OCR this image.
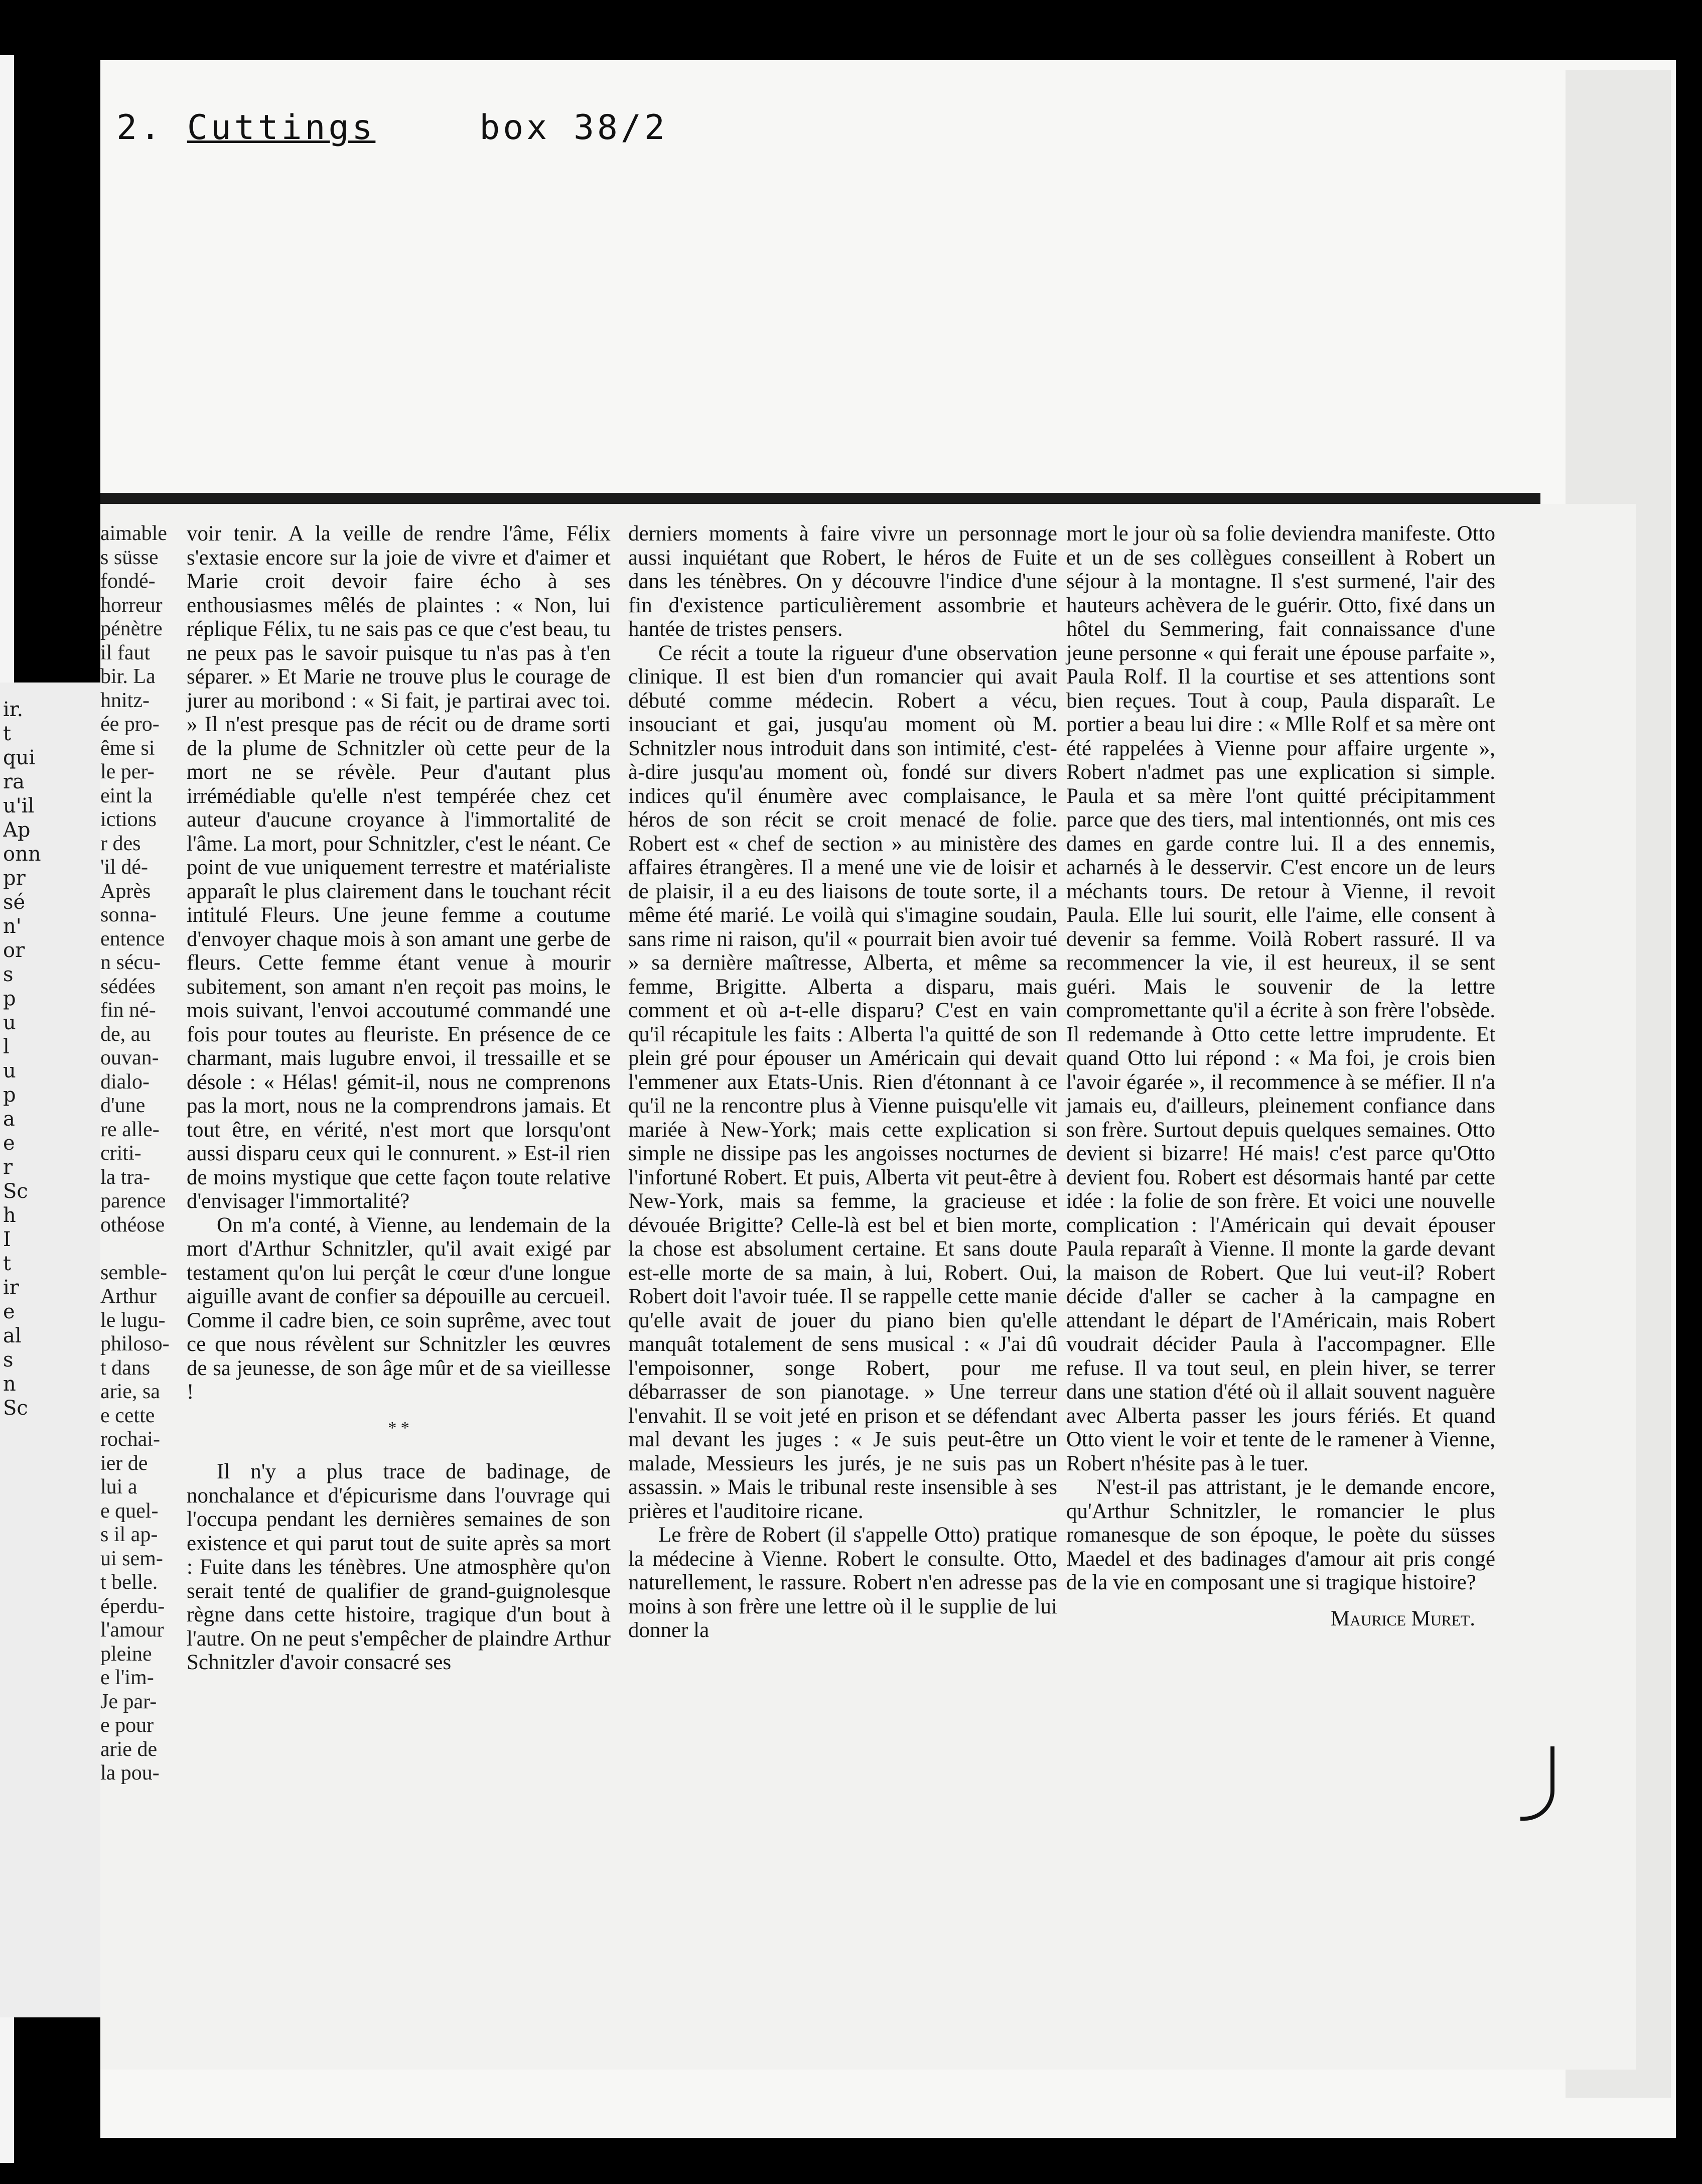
ir.
t
qui
ra
u'il
Ap
onn
pr
sé
n'
or
s
p
u
l
u
p
a
e
r
Sc
h
I
t
ir
e
al
s
n
Sc
2. Cuttings	box 38/2
aimable
s süsse
fondé-
horreur
pénètre
il faut
bir. La
hnitz-
ée pro-
ême si
le per-
eint la
ictions
r des
'il dé-
Après
sonna-
entence
n sécu-
sédées
fin né-
de, au
ouvan-
dialo-
d'une
re alle-
criti-
la tra-
parence
othéose

semble-
Arthur
le lugu-
philoso-
t dans
arie, sa
e cette
rochai-
ier de
lui a
e quel-
s il ap-
ui sem-
t belle.
éperdu-
l'amour
pleine
e l'im-
Je par-
e pour
arie de
la pou-

voir tenir. A la veille de rendre l'âme, Félix s'extasie encore sur la joie de vivre et d'aimer et Marie croit devoir faire écho à ses enthousiasmes mêlés de plaintes : « Non, lui réplique Félix, tu ne sais pas ce que c'est beau, tu ne peux pas le savoir puisque tu n'as pas à t'en séparer. » Et Marie ne trouve plus le courage de jurer au moribond : « Si fait, je partirai avec toi. » Il n'est presque pas de récit ou de drame sorti de la plume de Schnitzler où cette peur de la mort ne se révèle. Peur d'autant plus irrémédiable qu'elle n'est tempérée chez cet auteur d'aucune croyance à l'immortalité de l'âme. La mort, pour Schnitzler, c'est le néant. Ce point de vue uniquement terrestre et matérialiste apparaît le plus clairement dans le touchant récit intitulé Fleurs. Une jeune femme a coutume d'envoyer chaque mois à son amant une gerbe de fleurs. Cette femme étant venue à mourir subitement, son amant n'en reçoit pas moins, le mois suivant, l'envoi accoutumé commandé une fois pour toutes au fleuriste. En présence de ce charmant, mais lugubre envoi, il tressaille et se désole : « Hélas! gémit-il, nous ne comprenons pas la mort, nous ne la comprendrons jamais. Et tout être, en vérité, n'est mort que lorsqu'ont aussi disparu ceux qui le connurent. » Est-il rien de moins mystique que cette façon toute relative d'envisager l'immortalité?

On m'a conté, à Vienne, au lendemain de la mort d'Arthur Schnitzler, qu'il avait exigé par testament qu'on lui perçât le cœur d'une longue aiguille avant de confier sa dépouille au cercueil. Comme il cadre bien, ce soin suprême, avec tout ce que nous révèlent sur Schnitzler les œuvres de sa jeunesse, de son âge mûr et de sa vieillesse !

* *

Il n'y a plus trace de badinage, de nonchalance et d'épicurisme dans l'ouvrage qui l'occupa pendant les dernières semaines de son existence et qui parut tout de suite après sa mort : Fuite dans les ténèbres. Une atmosphère qu'on serait tenté de qualifier de grand-guignolesque règne dans cette histoire, tragique d'un bout à l'autre. On ne peut s'empêcher de plaindre Arthur Schnitzler d'avoir consacré ses

derniers moments à faire vivre un personnage aussi inquiétant que Robert, le héros de Fuite dans les ténèbres. On y découvre l'indice d'une fin d'existence particulièrement assombrie et hantée de tristes pensers.

Ce récit a toute la rigueur d'une observation clinique. Il est bien d'un romancier qui avait débuté comme médecin. Robert a vécu, insouciant et gai, jusqu'au moment où M. Schnitzler nous introduit dans son intimité, c'est-à-dire jusqu'au moment où, fondé sur divers indices qu'il énumère avec complaisance, le héros de son récit se croit menacé de folie. Robert est « chef de section » au ministère des affaires étrangères. Il a mené une vie de loisir et de plaisir, il a eu des liaisons de toute sorte, il a même été marié. Le voilà qui s'imagine soudain, sans rime ni raison, qu'il « pourrait bien avoir tué » sa dernière maîtresse, Alberta, et même sa femme, Brigitte. Alberta a disparu, mais comment et où a-t-elle disparu? C'est en vain qu'il récapitule les faits : Alberta l'a quitté de son plein gré pour épouser un Américain qui devait l'emmener aux Etats-Unis. Rien d'étonnant à ce qu'il ne la rencontre plus à Vienne puisqu'elle vit mariée à New-York; mais cette explication si simple ne dissipe pas les angoisses nocturnes de l'infortuné Robert. Et puis, Alberta vit peut-être à New-York, mais sa femme, la gracieuse et dévouée Brigitte? Celle-là est bel et bien morte, la chose est absolument certaine. Et sans doute est-elle morte de sa main, à lui, Robert. Oui, Robert doit l'avoir tuée. Il se rappelle cette manie qu'elle avait de jouer du piano bien qu'elle manquât totalement de sens musical : « J'ai dû l'empoisonner, songe Robert, pour me débarrasser de son pianotage. » Une terreur l'envahit. Il se voit jeté en prison et se défendant mal devant les juges : « Je suis peut-être un malade, Messieurs les jurés, je ne suis pas un assassin. » Mais le tribunal reste insensible à ses prières et l'auditoire ricane.

Le frère de Robert (il s'appelle Otto) pratique la médecine à Vienne. Robert le consulte. Otto, naturellement, le rassure. Robert n'en adresse pas moins à son frère une lettre où il le supplie de lui donner la

mort le jour où sa folie deviendra manifeste. Otto et un de ses collègues conseillent à Robert un séjour à la montagne. Il s'est surmené, l'air des hauteurs achèvera de le guérir. Otto, fixé dans un hôtel du Semmering, fait connaissance d'une jeune personne « qui ferait une épouse parfaite », Paula Rolf. Il la courtise et ses attentions sont bien reçues. Tout à coup, Paula disparaît. Le portier a beau lui dire : « Mlle Rolf et sa mère ont été rappelées à Vienne pour affaire urgente », Robert n'admet pas une explication si simple. Paula et sa mère l'ont quitté précipitamment parce que des tiers, mal intentionnés, ont mis ces dames en garde contre lui. Il a des ennemis, acharnés à le desservir. C'est encore un de leurs méchants tours. De retour à Vienne, il revoit Paula. Elle lui sourit, elle l'aime, elle consent à devenir sa femme. Voilà Robert rassuré. Il va recommencer la vie, il est heureux, il se sent guéri. Mais le souvenir de la lettre compromettante qu'il a écrite à son frère l'obsède. Il redemande à Otto cette lettre imprudente. Et quand Otto lui répond : « Ma foi, je crois bien l'avoir égarée », il recommence à se méfier. Il n'a jamais eu, d'ailleurs, pleinement confiance dans son frère. Surtout depuis quelques semaines. Otto devient si bizarre! Hé mais! c'est parce qu'Otto devient fou. Robert est désormais hanté par cette idée : la folie de son frère. Et voici une nouvelle complication : l'Américain qui devait épouser Paula reparaît à Vienne. Il monte la garde devant la maison de Robert. Que lui veut-il? Robert décide d'aller se cacher à la campagne en attendant le départ de l'Américain, mais Robert voudrait décider Paula à l'accompagner. Elle refuse. Il va tout seul, en plein hiver, se terrer dans une station d'été où il allait souvent naguère avec Alberta passer les jours fériés. Et quand Otto vient le voir et tente de le ramener à Vienne, Robert n'hésite pas à le tuer.

N'est-il pas attristant, je le demande encore, qu'Arthur Schnitzler, le romancier le plus romanesque de son époque, le poète du süsses Maedel et des badinages d'amour ait pris congé de la vie en composant une si tragique histoire?

Maurice Muret.
